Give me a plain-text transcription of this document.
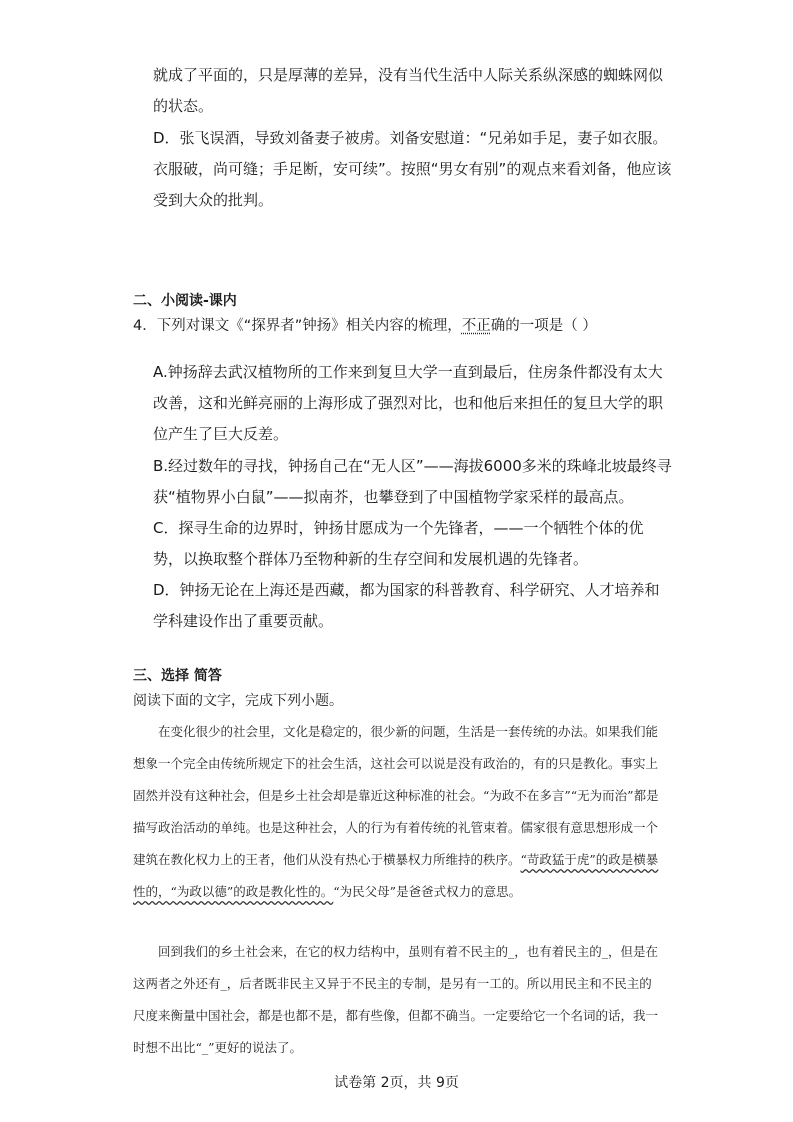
就成了平面的，只是厚薄的差异，没有当代生活中人际关系纵深感的蜘蛛网似的状态。

D．张飞误酒，导致刘备妻子被虏。刘备安慰道：“兄弟如手足，妻子如衣服。衣服破，尚可缝；手足断，安可续”。按照“男女有别”的观点来看刘备，他应该受到大众的批判。

二、小阅读-课内

4．下列对课文《“探界者”钟扬》相关内容的梳理，不正确的一项是（ ）

A.钟扬辞去武汉植物所的工作来到复旦大学一直到最后，住房条件都没有太大改善，这和光鲜亮丽的上海形成了强烈对比，也和他后来担任的复旦大学的职位产生了巨大反差。

B.经过数年的寻找，钟扬自己在“无人区”——海拔6000多米的珠峰北坡最终寻获“植物界小白鼠”——拟南芥，也攀登到了中国植物学家采样的最高点。

C．探寻生命的边界时，钟扬甘愿成为一个先锋者，——一个牺牲个体的优势，以换取整个群体乃至物种新的生存空间和发展机遇的先锋者。

D．钟扬无论在上海还是西藏，都为国家的科普教育、科学研究、人才培养和学科建设作出了重要贡献。

三、选择 简答

阅读下面的文字，完成下列小题。

在变化很少的社会里，文化是稳定的，很少新的问题，生活是一套传统的办法。如果我们能想象一个完全由传统所规定下的社会生活，这社会可以说是没有政治的，有的只是教化。事实上固然并没有这种社会，但是乡土社会却是靠近这种标准的社会。“为政不在多言”“无为而治”都是描写政治活动的单纯。也是这种社会，人的行为有着传统的礼管束着。儒家很有意思想形成一个建筑在教化权力上的王者，他们从没有热心于横暴权力所维持的秩序。“苛政猛于虎”的政是横暴性的，“为政以德”的政是教化性的。“为民父母”是爸爸式权力的意思。

回到我们的乡土社会来，在它的权力结构中，虽则有着不民主的_，也有着民主的_，但是在这两者之外还有_，后者既非民主又异于不民主的专制，是另有一工的。所以用民主和不民主的尺度来衡量中国社会，都是也都不是，都有些像，但都不确当。一定要给它一个名词的话，我一时想不出比“_”更好的说法了。

试卷第 2页，共 9页
